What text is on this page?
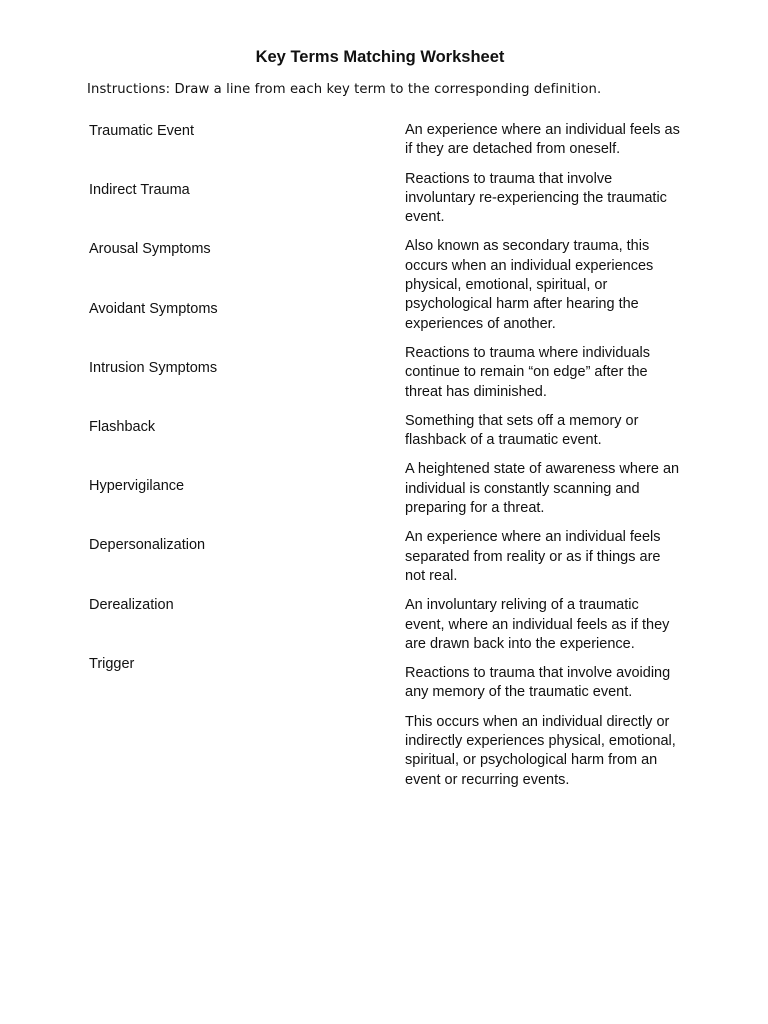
Key Terms Matching Worksheet
Instructions: Draw a line from each key term to the corresponding definition.
Traumatic Event
Indirect Trauma
Arousal Symptoms
Avoidant Symptoms
Intrusion Symptoms
Flashback
Hypervigilance
Depersonalization
Derealization
Trigger
An experience where an individual feels as if they are detached from oneself.
Reactions to trauma that involve involuntary re-experiencing the traumatic event.
Also known as secondary trauma, this occurs when an individual experiences physical, emotional, spiritual, or psychological harm after hearing the experiences of another.
Reactions to trauma where individuals continue to remain “on edge” after the threat has diminished.
Something that sets off a memory or flashback of a traumatic event.
A heightened state of awareness where an individual is constantly scanning and preparing for a threat.
An experience where an individual feels separated from reality or as if things are not real.
An involuntary reliving of a traumatic event, where an individual feels as if they are drawn back into the experience.
Reactions to trauma that involve avoiding any memory of the traumatic event.
This occurs when an individual directly or indirectly experiences physical, emotional, spiritual, or psychological harm from an event or recurring events.
